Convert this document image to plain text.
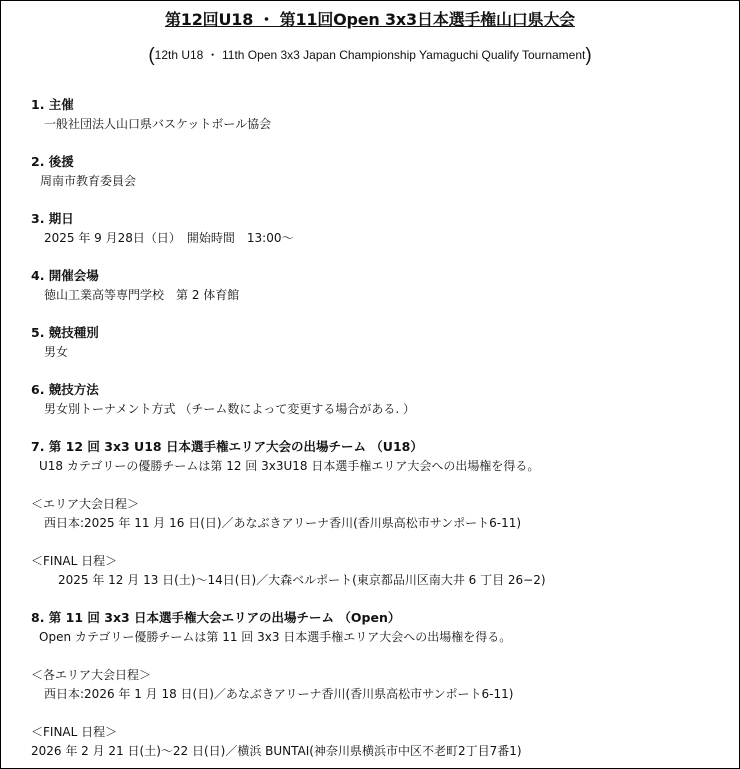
第12回U18 ・ 第11回Open 3x3日本選手権山口県大会
(12th U18 ・ 11th Open 3x3 Japan Championship Yamaguchi Qualify Tournament)
1. 主催
一般社団法人山口県バスケットボール協会
2. 後援
周南市教育委員会
3. 期日
2025 年 9 月28日（日）　開始時間　13:00～
4. 開催会場
徳山工業高等専門学校　第 2 体育館
5. 競技種別
男女
6. 競技方法
男女別トーナメント方式 （チーム数によって変更する場合がある. ）
7. 第 12 回 3x3 U18 日本選手権エリア大会の出場チーム （U18）
U18 カテゴリーの優勝チームは第 12 回 3x3U18 日本選手権エリア大会への出場権を得る。
＜エリア大会日程＞
西日本:2025 年 11 月 16 日(日)／あなぶきアリーナ香川(香川県高松市サンポート6-11)
＜FINAL 日程＞
2025 年 12 月 13 日(土)～14日(日)／大森ベルポート(東京都品川区南大井 6 丁目 26−2)
8. 第 11 回 3x3 日本選手権大会エリアの出場チーム （Open）
Open カテゴリー優勝チームは第 11 回 3x3 日本選手権エリア大会への出場権を得る。
＜各エリア大会日程＞
西日本:2026 年 1 月 18 日(日)／あなぶきアリーナ香川(香川県高松市サンポート6-11)
＜FINAL 日程＞
2026 年 2 月 21 日(土)～22 日(日)／横浜 BUNTAI(神奈川県横浜市中区不老町2丁目7番1)
